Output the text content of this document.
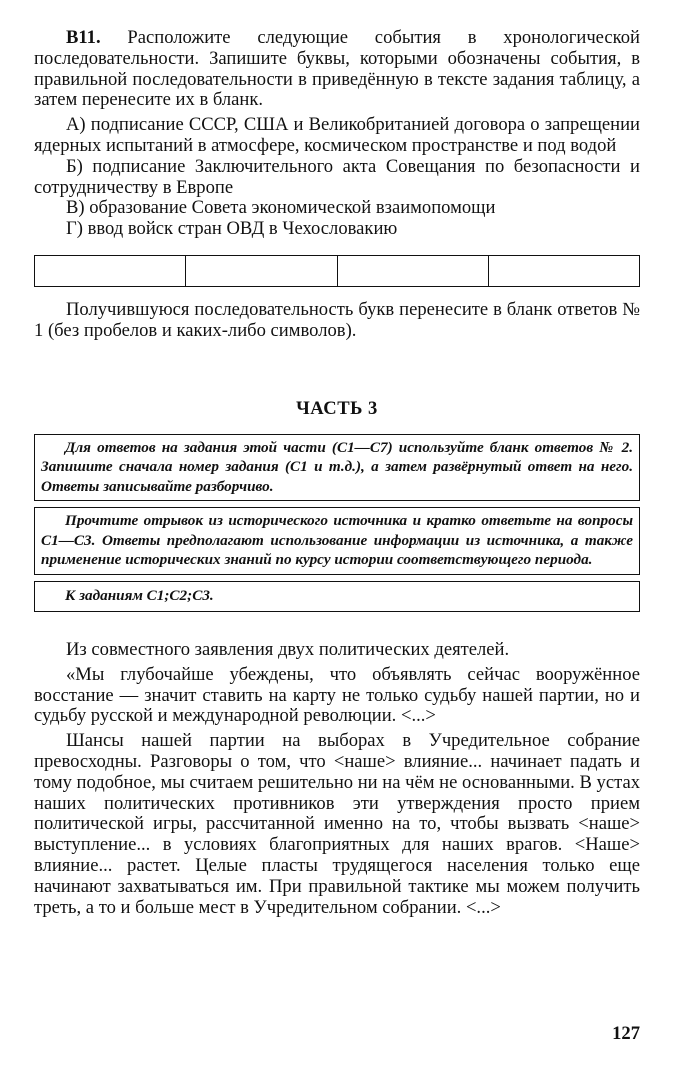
В11. Расположите следующие события в хронологической последовательности. Запишите буквы, которыми обозначены события, в правильной последовательности в приведённую в тексте задания таблицу, а затем перенесите их в бланк.

А) подписание СССР, США и Великобританией договора о запрещении ядерных испытаний в атмосфере, космическом пространстве и под водой

Б) подписание Заключительного акта Совещания по безопасности и сотрудничеству в Европе

В) образование Совета экономической взаимопомощи

Г) ввод войск стран ОВД в Чехословакию

Получившуюся последовательность букв перенесите в бланк ответов № 1 (без пробелов и каких-либо символов).

ЧАСТЬ 3
Для ответов на задания этой части (С1—С7) используйте бланк ответов № 2. Запишите сначала номер задания (С1 и т.д.), а затем развёрнутый ответ на него. Ответы записывайте разборчиво.
Прочтите отрывок из исторического источника и кратко ответьте на вопросы С1—С3. Ответы предполагают использование информации из источника, а также применение исторических знаний по курсу истории соответствующего периода.
К заданиям С1;С2;С3.

Из совместного заявления двух политических деятелей.

«Мы глубочайше убеждены, что объявлять сейчас вооружённое восстание — значит ставить на карту не только судьбу нашей партии, но и судьбу русской и международной революции. <...>

Шансы нашей партии на выборах в Учредительное собрание превосходны. Разговоры о том, что <наше> влияние... начинает падать и тому подобное, мы считаем решительно ни на чём не основанными. В устах наших политических противников эти утверждения просто прием политической игры, рассчитанной именно на то, чтобы вызвать <наше> выступление... в условиях благоприятных для наших врагов. <Наше> влияние... растет. Целые пласты трудящегося населения только еще начинают захватываться им. При правильной тактике мы можем получить треть, а то и больше мест в Учредительном собрании. <...>

127
